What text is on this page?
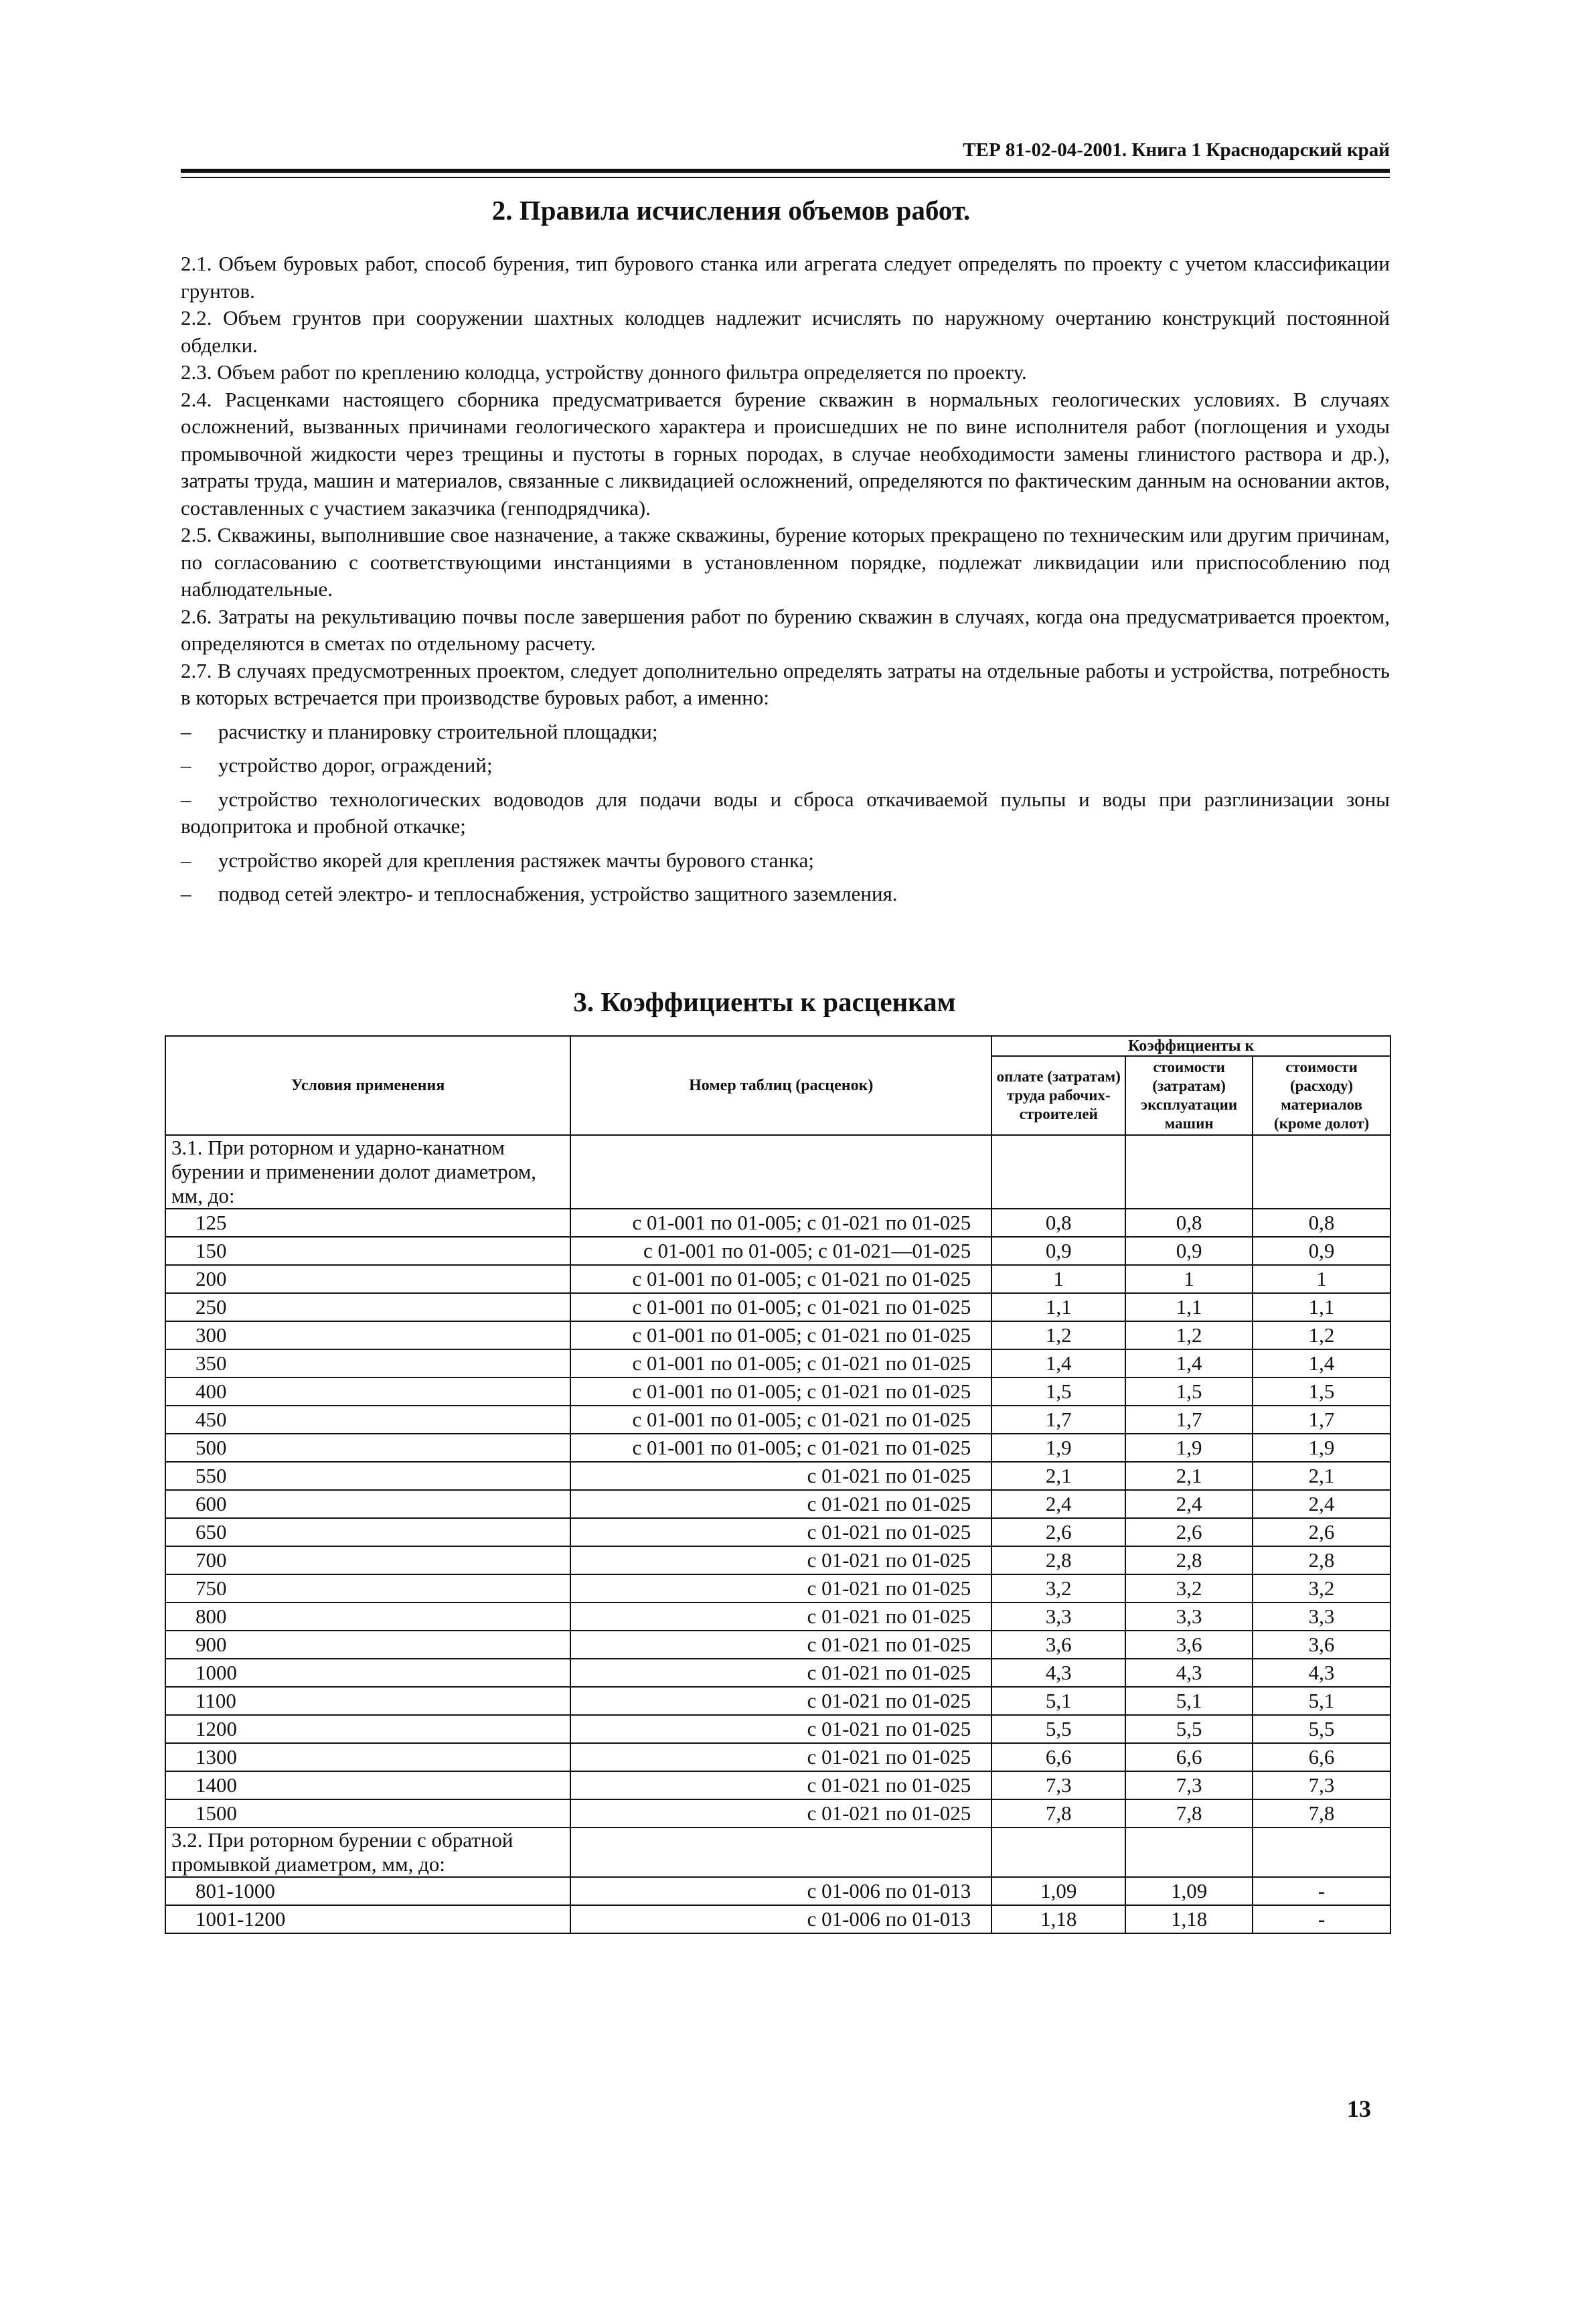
ТЕР 81-02-04-2001. Книга 1 Краснодарский край
2. Правила исчисления объемов работ.

2.1. Объем буровых работ, способ бурения, тип бурового станка или агрегата следует определять по проекту с учетом классификации грунтов.

2.2. Объем грунтов при сооружении шахтных колодцев надлежит исчислять по наружному очертанию конструкций постоянной обделки.

2.3. Объем работ по креплению колодца, устройству донного фильтра определяется по проекту.

2.4. Расценками настоящего сборника предусматривается бурение скважин в нормальных геологических условиях. В случаях осложнений, вызванных причинами геологического характера и происшедших не по вине исполнителя работ (поглощения и уходы промывочной жидкости через трещины и пустоты в горных породах, в случае необходимости замены глинистого раствора и др.), затраты труда, машин и материалов, связанные с ликвидацией осложнений, определяются по фактическим данным на основании актов, составленных с участием заказчика (генподрядчика).

2.5. Скважины, выполнившие свое назначение, а также скважины, бурение которых прекращено по техническим или другим причинам, по согласованию с соответствующими инстанциями в установленном порядке, подлежат ликвидации или приспособлению под наблюдательные.

2.6. Затраты на рекультивацию почвы после завершения работ по бурению скважин в случаях, когда она предусматривается проектом, определяются в сметах по отдельному расчету.

2.7. В случаях предусмотренных проектом, следует дополнительно определять затраты на отдельные работы и устройства, потребность в которых встречается при производстве буровых работ, а именно:

– расчистку и планировку строительной площадки;

– устройство дорог, ограждений;

– устройство технологических водоводов для подачи воды и сброса откачиваемой пульпы и воды при разглинизации зоны водопритока и пробной откачке;

– устройство якорей для крепления растяжек мачты бурового станка;

– подвод сетей электро- и теплоснабжения, устройство защитного заземления.

3. Коэффициенты к расценкам
Условия применения	Номер таблиц (расценок)	Коэффициенты к		
		оплате (затратам) труда рабочих-строителей	стоимости (затратам) эксплуатации машин	стоимости (расходу) материалов (кроме долот)
3.1. При роторном и ударно-канатном бурении и применении долот диаметром, мм, до:				
125	с 01-001 по 01-005; с 01-021 по 01-025	0,8	0,8	0,8
150	с 01-001 по 01-005; с 01-021—01-025	0,9	0,9	0,9
200	с 01-001 по 01-005; с 01-021 по 01-025	1	1	1
250	с 01-001 по 01-005; с 01-021 по 01-025	1,1	1,1	1,1
300	с 01-001 по 01-005; с 01-021 по 01-025	1,2	1,2	1,2
350	с 01-001 по 01-005; с 01-021 по 01-025	1,4	1,4	1,4
400	с 01-001 по 01-005; с 01-021 по 01-025	1,5	1,5	1,5
450	с 01-001 по 01-005; с 01-021 по 01-025	1,7	1,7	1,7
500	с 01-001 по 01-005; с 01-021 по 01-025	1,9	1,9	1,9
550	с 01-021 по 01-025	2,1	2,1	2,1
600	с 01-021 по 01-025	2,4	2,4	2,4
650	с 01-021 по 01-025	2,6	2,6	2,6
700	с 01-021 по 01-025	2,8	2,8	2,8
750	с 01-021 по 01-025	3,2	3,2	3,2
800	с 01-021 по 01-025	3,3	3,3	3,3
900	с 01-021 по 01-025	3,6	3,6	3,6
1000	с 01-021 по 01-025	4,3	4,3	4,3
1100	с 01-021 по 01-025	5,1	5,1	5,1
1200	с 01-021 по 01-025	5,5	5,5	5,5
1300	с 01-021 по 01-025	6,6	6,6	6,6
1400	с 01-021 по 01-025	7,3	7,3	7,3
1500	с 01-021 по 01-025	7,8	7,8	7,8
3.2. При роторном бурении с обратной промывкой диаметром, мм, до:				
801-1000	с 01-006 по 01-013	1,09	1,09	-
1001-1200	с 01-006 по 01-013	1,18	1,18	-
13
